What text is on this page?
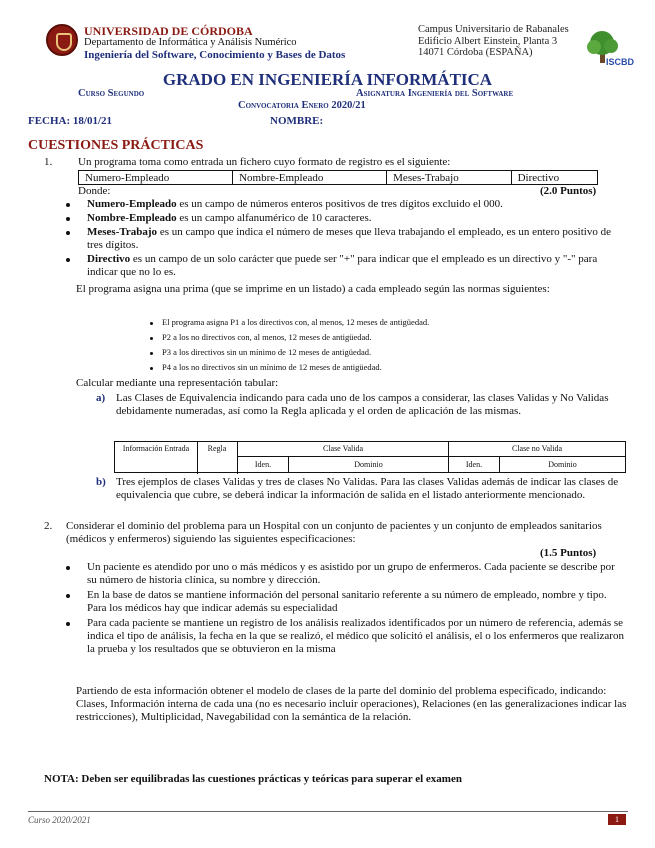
UNIVERSIDAD DE CÓRDOBA
Departamento de Informática y Análisis Numérico
Ingeniería del Software, Conocimiento y Bases de Datos
Campus Universitario de Rabanales
Edificio Albert Einstein, Planta 3
14071 Córdoba (ESPAÑA)
ISCBD
GRADO EN INGENIERÍA INFORMÁTICA
Curso Segundo	Asignatura Ingeniería del Software
Convocatoria Enero 2020/21
FECHA: 18/01/21	NOMBRE:
CUESTIONES PRÁCTICAS
1. Un programa toma como entrada un fichero cuyo formato de registro es el siguiente:
Numero-Empleado	Nombre-Empleado	Meses-Trabajo	Directivo
Donde:	(2.0 Puntos)
Numero-Empleado es un campo de números enteros positivos de tres dígitos excluido el 000.
Nombre-Empleado es un campo alfanumérico de 10 caracteres.
Meses-Trabajo es un campo que indica el número de meses que lleva trabajando el empleado, es un entero positivo de tres dígitos.
Directivo es un campo de un solo carácter que puede ser "+" para indicar que el empleado es un directivo y "-" para indicar que no lo es.
El programa asigna una prima (que se imprime en un listado) a cada empleado según las normas siguientes:
El programa asigna P1 a los directivos con, al menos, 12 meses de antigüedad.
P2 a los no directivos con, al menos, 12 meses de antigüedad.
P3 a los directivos sin un mínimo de 12 meses de antigüedad.
P4 a los no directivos sin un mínimo de 12 meses de antigüedad.
Calcular mediante una representación tabular:
a) Las Clases de Equivalencia indicando para cada uno de los campos a considerar, las clases Validas y No Validas debidamente numeradas, así como la Regla aplicada y el orden de aplicación de las mismas.
Información Entrada	Regla	Clase Valida	Clase no Valida
Iden.	Dominio	Iden.	Dominio
b) Tres ejemplos de clases Validas y tres de clases No Validas. Para las clases Validas además de indicar las clases de equivalencia que cubre, se deberá indicar la información de salida en el listado anteriormente mencionado.
2. Considerar el dominio del problema para un Hospital con un conjunto de pacientes y un conjunto de empleados sanitarios (médicos y enfermeros) siguiendo las siguientes especificaciones:
(1.5 Puntos)
Un paciente es atendido por uno o más médicos y es asistido por un grupo de enfermeros. Cada paciente se describe por su número de historia clínica, su nombre y dirección.
En la base de datos se mantiene información del personal sanitario referente a su número de empleado, nombre y tipo. Para los médicos hay que indicar además su especialidad
Para cada paciente se mantiene un registro de los análisis realizados identificados por un número de referencia, además se indica el tipo de análisis, la fecha en la que se realizó, el médico que solicitó el análisis, el o los enfermeros que realizaron la prueba y los resultados que se obtuvieron en la misma
Partiendo de esta información obtener el modelo de clases de la parte del dominio del problema especificado, indicando: Clases, Información interna de cada una (no es necesario incluir operaciones), Relaciones (en las generalizaciones indicar las restricciones), Multiplicidad, Navegabilidad con la semántica de la relación.
NOTA: Deben ser equilibradas las cuestiones prácticas y teóricas para superar el examen
Curso 2020/2021	1
